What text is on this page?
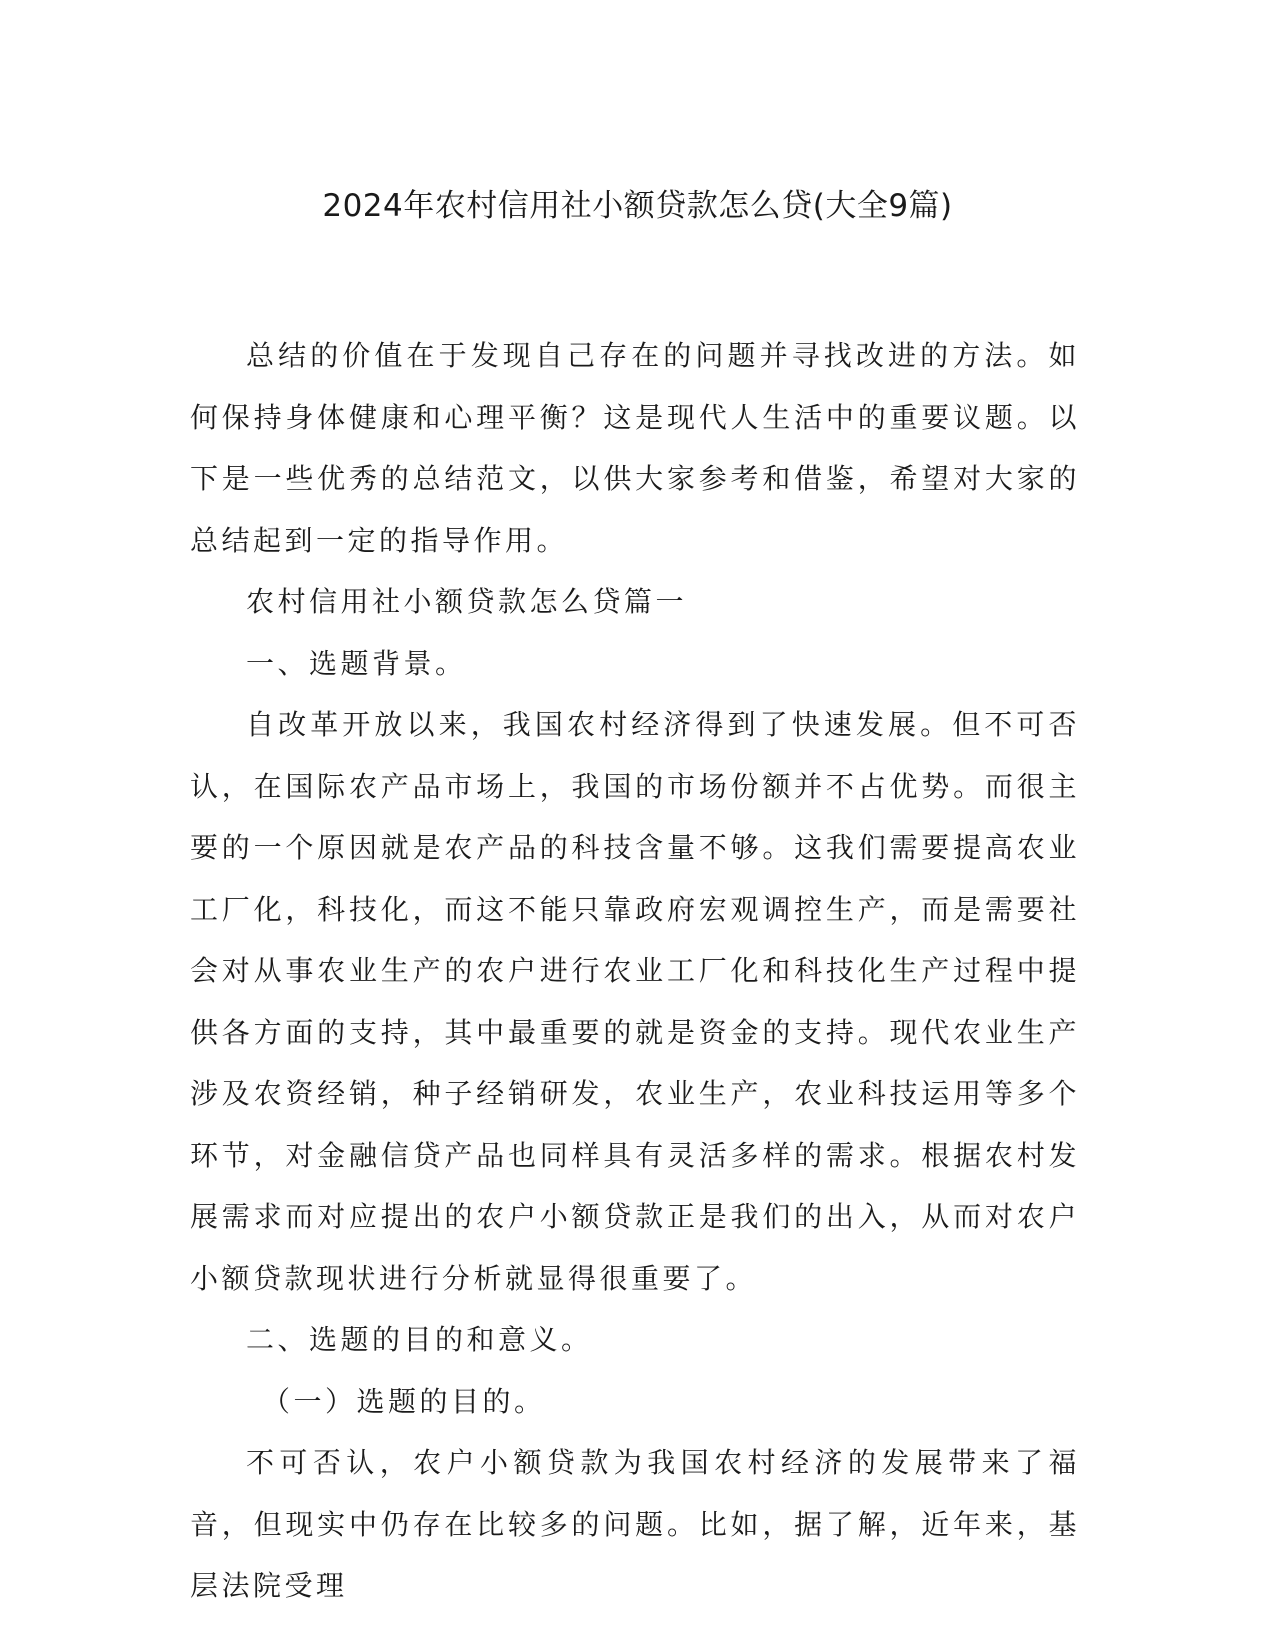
2024年农村信用社小额贷款怎么贷(大全9篇)

总结的价值在于发现自己存在的问题并寻找改进的方法。如何保持身体健康和心理平衡？这是现代人生活中的重要议题。以下是一些优秀的总结范文，以供大家参考和借鉴，希望对大家的总结起到一定的指导作用。

农村信用社小额贷款怎么贷篇一

一、选题背景。

自改革开放以来，我国农村经济得到了快速发展。但不可否认，在国际农产品市场上，我国的市场份额并不占优势。而很主要的一个原因就是农产品的科技含量不够。这我们需要提高农业工厂化，科技化，而这不能只靠政府宏观调控生产，而是需要社会对从事农业生产的农户进行农业工厂化和科技化生产过程中提供各方面的支持，其中最重要的就是资金的支持。现代农业生产涉及农资经销，种子经销研发，农业生产，农业科技运用等多个环节，对金融信贷产品也同样具有灵活多样的需求。根据农村发展需求而对应提出的农户小额贷款正是我们的出入，从而对农户小额贷款现状进行分析就显得很重要了。

二、选题的目的和意义。

（一）选题的目的。

不可否认，农户小额贷款为我国农村经济的发展带来了福音，但现实中仍存在比较多的问题。比如，据了解，近年来，基层法院受理
